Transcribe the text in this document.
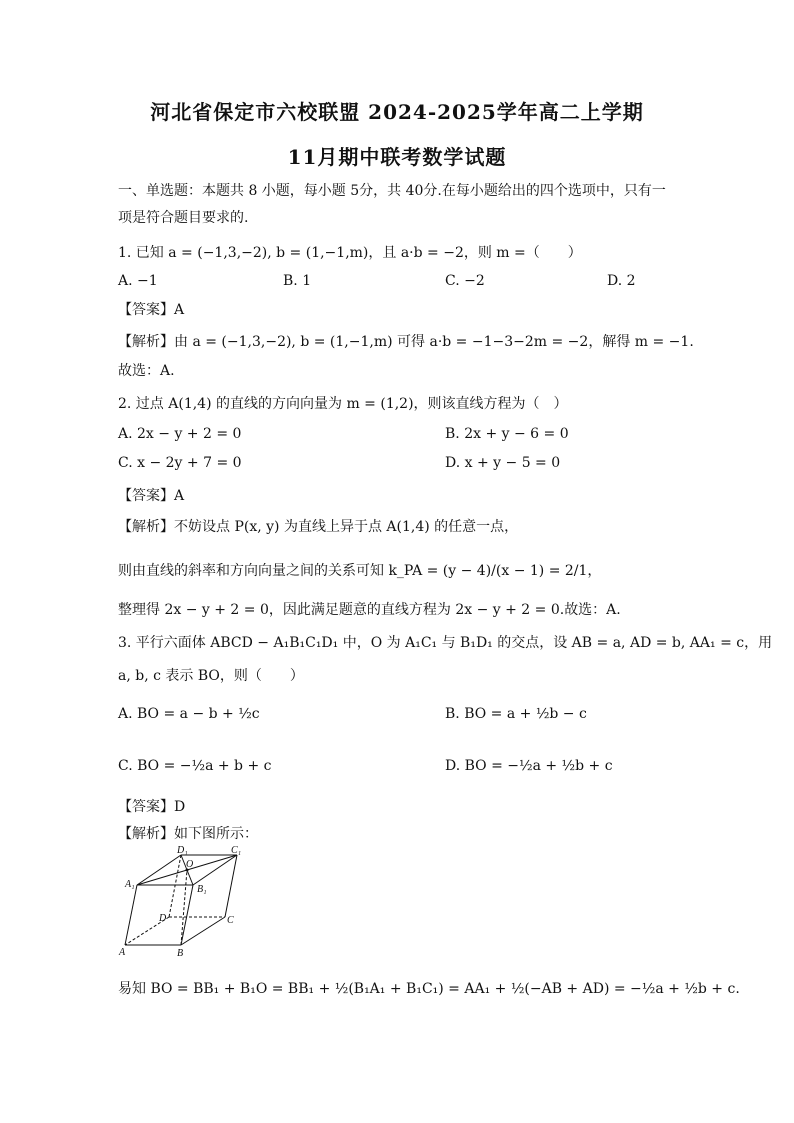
河北省保定市六校联盟 2024-2025学年高二上学期
11月期中联考数学试题
一、单选题：本题共 8 小题，每小题 5分，共 40分.在每小题给出的四个选项中，只有一
项是符合题目要求的.
1. 已知 a = (−1,3,−2), b = (1,−1,m)，且 a·b = −2，则 m =（　　）
A. −1	B. 1	C. −2	D. 2
【答案】A
【解析】由 a = (−1,3,−2), b = (1,−1,m) 可得 a·b = −1−3−2m = −2，解得 m = −1.
故选：A.
2. 过点 A(1,4) 的直线的方向向量为 m = (1,2)，则该直线方程为（　）
A. 2x − y + 2 = 0	B. 2x + y − 6 = 0
C. x − 2y + 7 = 0	D. x + y − 5 = 0
【答案】A
【解析】不妨设点 P(x, y) 为直线上异于点 A(1,4) 的任意一点，
则由直线的斜率和方向向量之间的关系可知 k_PA = (y − 4)/(x − 1) = 2/1，
整理得 2x − y + 2 = 0，因此满足题意的直线方程为 2x − y + 2 = 0.故选：A.
3. 平行六面体 ABCD − A₁B₁C₁D₁ 中，O 为 A₁C₁ 与 B₁D₁ 的交点，设 AB = a, AD = b, AA₁ = c，用
a, b, c 表示 BO，则（　　）
A. BO = a − b + ½c	B. BO = a + ½b − c
C. BO = −½a + b + c	D. BO = −½a + ½b + c
【答案】D
【解析】如下图所示：
D₁	C₁
O
A₁	B₁
D	C
A	B
易知 BO = BB₁ + B₁O = BB₁ + ½(B₁A₁ + B₁C₁) = AA₁ + ½(−AB + AD) = −½a + ½b + c.
